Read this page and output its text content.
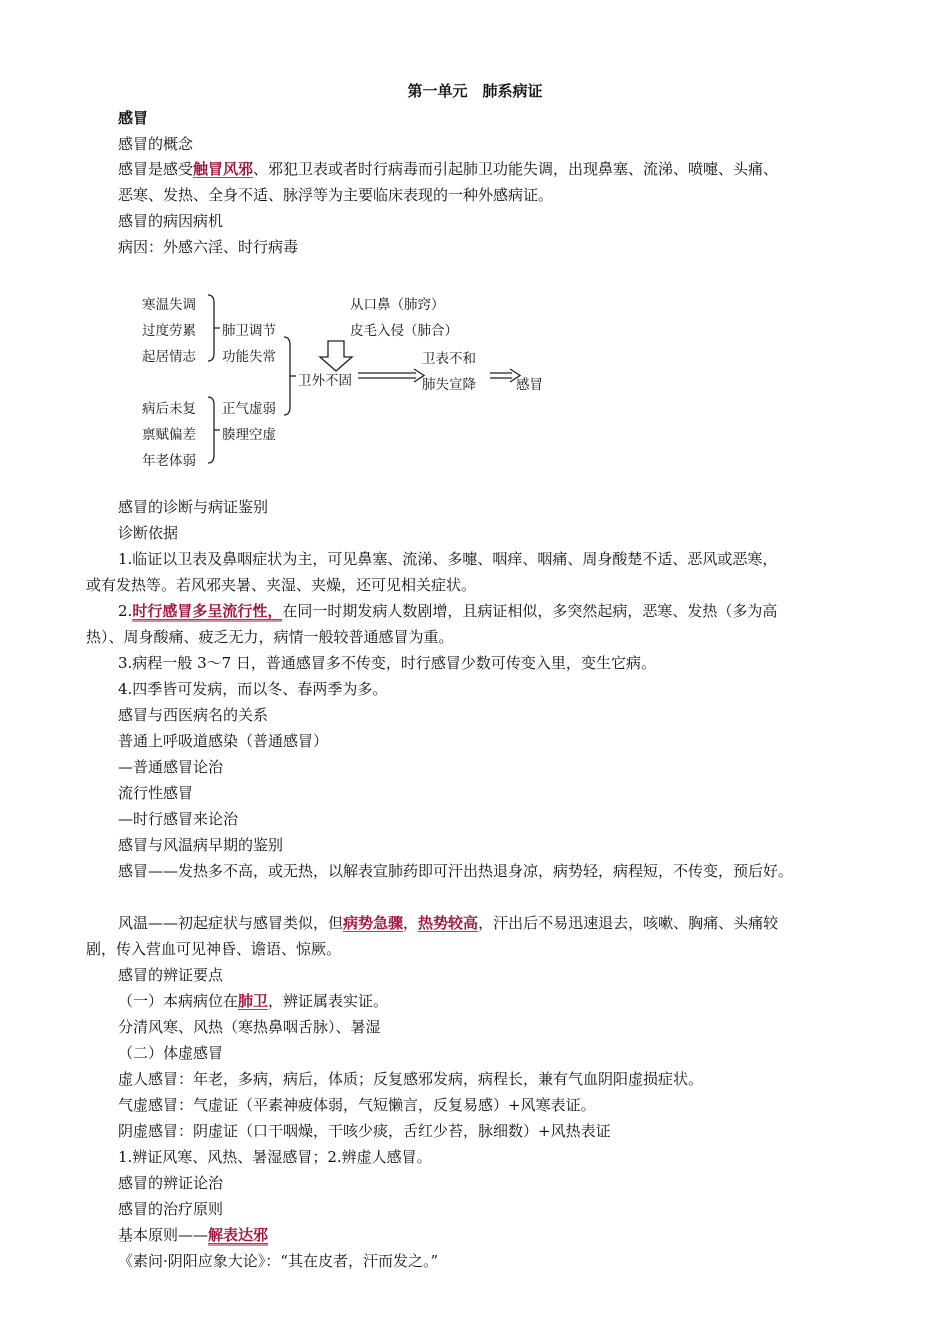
第一单元　肺系病证
感冒
感冒的概念
感冒是感受触冒风邪、邪犯卫表或者时行病毒而引起肺卫功能失调，出现鼻塞、流涕、喷嚏、头痛、
恶寒、发热、全身不适、脉浮等为主要临床表现的一种外感病证。
感冒的病因病机
病因：外感六淫、时行病毒
寒温失调
过度劳累
起居情志
病后未复
禀赋偏差
年老体弱
肺卫调节
功能失常
正气虚弱
腠理空虚
卫外不固
从口鼻（肺窍）
皮毛入侵（肺合）
卫表不和
肺失宣降	感冒
感冒的诊断与病证鉴别
诊断依据
1.临证以卫表及鼻咽症状为主，可见鼻塞、流涕、多嚏、咽痒、咽痛、周身酸楚不适、恶风或恶寒，
或有发热等。若风邪夹暑、夹湿、夹燥，还可见相关症状。
2.时行感冒多呈流行性，在同一时期发病人数剧增，且病证相似，多突然起病，恶寒、发热（多为高
热）、周身酸痛、疲乏无力，病情一般较普通感冒为重。
3.病程一般 3～7 日，普通感冒多不传变，时行感冒少数可传变入里，变生它病。
4.四季皆可发病，而以冬、春两季为多。
感冒与西医病名的关系
普通上呼吸道感染（普通感冒）
—普通感冒论治
流行性感冒
—时行感冒来论治
感冒与风温病早期的鉴别
感冒——发热多不高，或无热，以解表宣肺药即可汗出热退身凉，病势轻，病程短，不传变，预后好。
风温——初起症状与感冒类似，但病势急骤，热势较高，汗出后不易迅速退去，咳嗽、胸痛、头痛较
剧，传入营血可见神昏、谵语、惊厥。
感冒的辨证要点
（一）本病病位在肺卫，辨证属表实证。
分清风寒、风热（寒热鼻咽舌脉）、暑湿
（二）体虚感冒
虚人感冒：年老，多病，病后，体质；反复感邪发病，病程长，兼有气血阴阳虚损症状。
气虚感冒：气虚证（平素神疲体弱，气短懒言，反复易感）+风寒表证。
阴虚感冒：阴虚证（口干咽燥，干咳少痰，舌红少苔，脉细数）+风热表证
1.辨证风寒、风热、暑湿感冒；2.辨虚人感冒。
感冒的辨证论治
感冒的治疗原则
基本原则——解表达邪
《素问·阴阳应象大论》：“其在皮者，汗而发之。”
